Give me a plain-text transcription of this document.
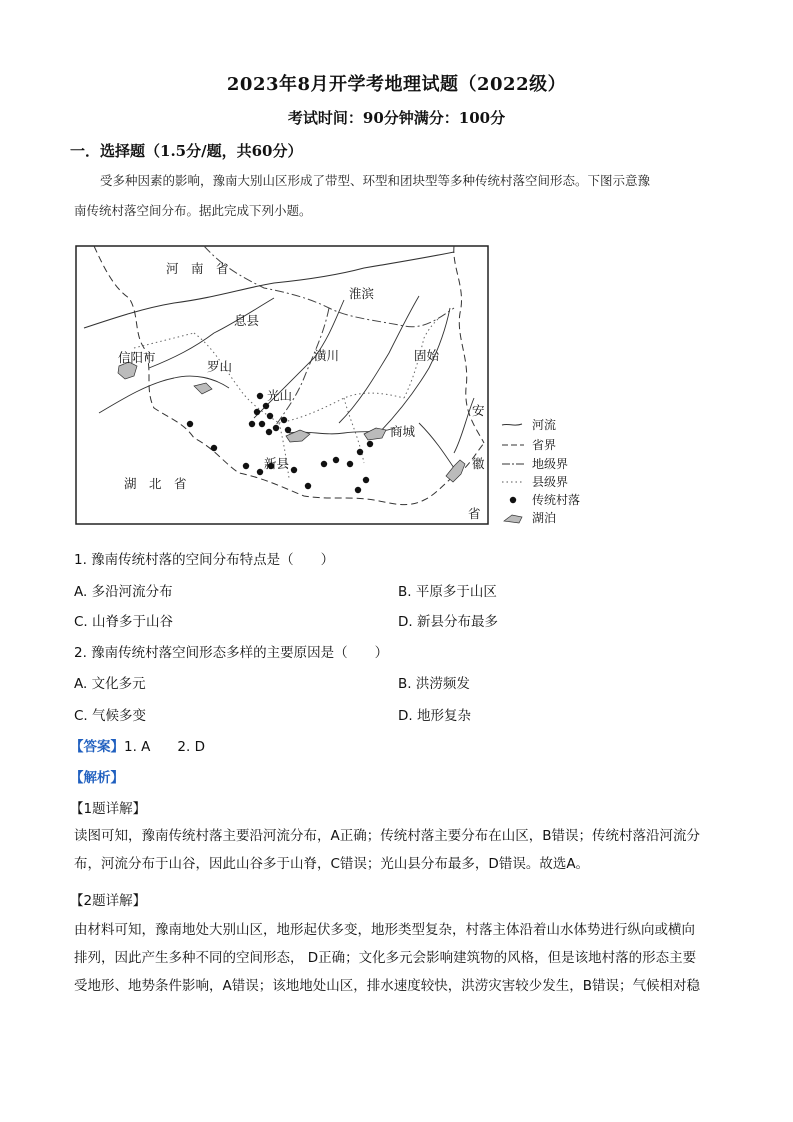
2023年8月开学考地理试题（2022级）
考试时间：90分钟满分：100分
一．选择题（1.5分/题，共60分）
受多种因素的影响，豫南大别山区形成了带型、环型和团块型等多种传统村落空间形态。下图示意豫
南传统村落空间分布。据此完成下列小题。
河　南　省
淮滨
息县
信阳市
罗山
潢川	固始
光山
商城
新县
湖　北　省
安
徽
省
河流
省界
地级界
县级界
传统村落
湖泊
1. 豫南传统村落的空间分布特点是（　　）
A. 多沿河流分布	B. 平原多于山区
C. 山脊多于山谷	D. 新县分布最多
2. 豫南传统村落空间形态多样的主要原因是（　　）
A. 文化多元	B. 洪涝频发
C. 气候多变	D. 地形复杂
【答案】1. A　　2. D
【解析】
【1题详解】
读图可知，豫南传统村落主要沿河流分布，A正确；传统村落主要分布在山区，B错误；传统村落沿河流分
布，河流分布于山谷，因此山谷多于山脊，C错误；光山县分布最多，D错误。故选A。
【2题详解】
由材料可知，豫南地处大别山区，地形起伏多变，地形类型复杂，村落主体沿着山水体势进行纵向或横向
排列，因此产生多种不同的空间形态， D正确；文化多元会影响建筑物的风格，但是该地村落的形态主要
受地形、地势条件影响，A错误；该地地处山区，排水速度较快，洪涝灾害较少发生，B错误；气候相对稳
